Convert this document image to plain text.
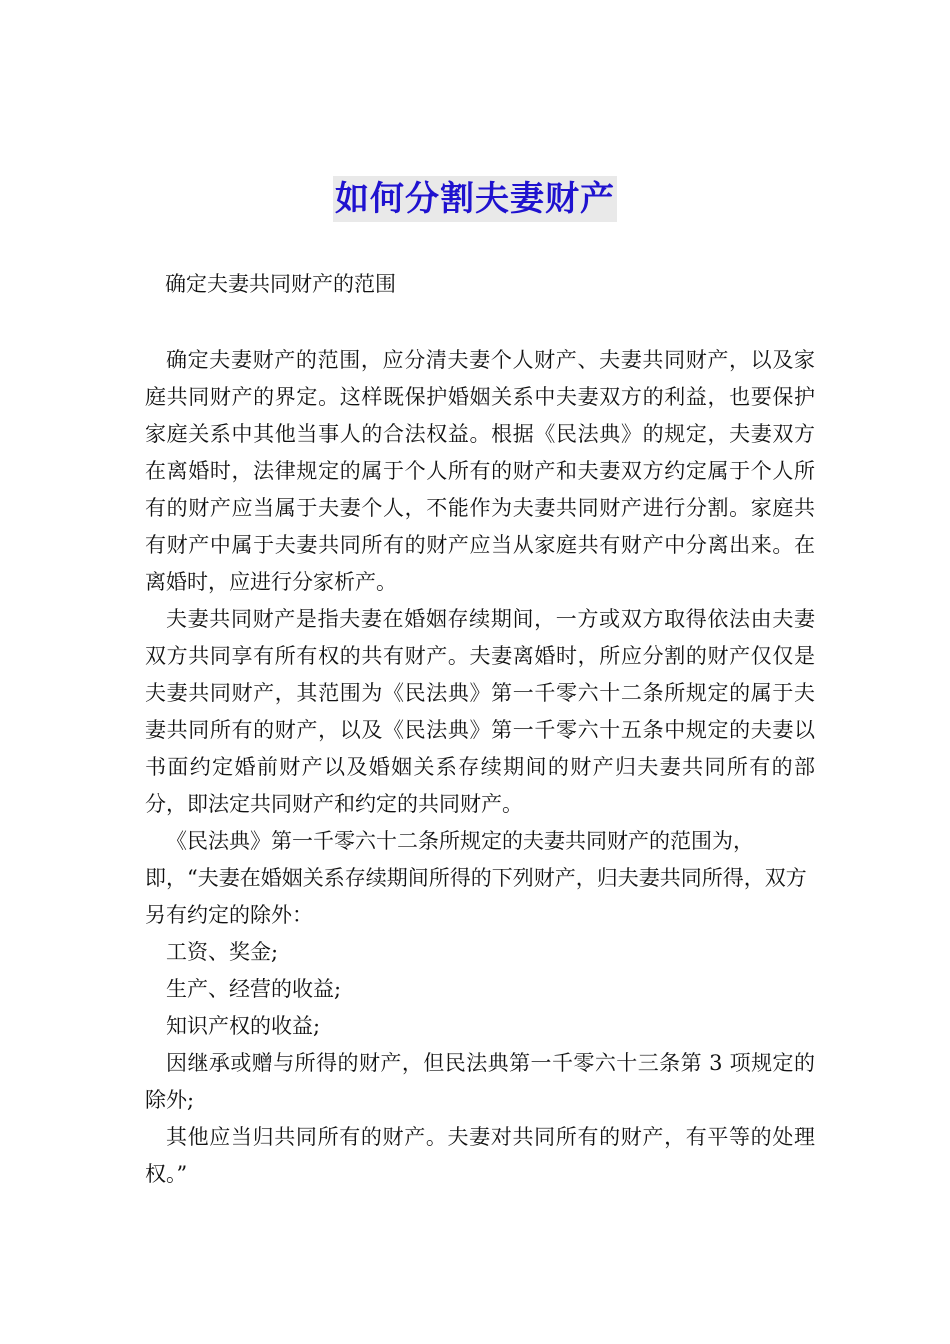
如何分割夫妻财产

确定夫妻共同财产的范围

确定夫妻财产的范围，应分清夫妻个人财产、夫妻共同财产，以及家庭共同财产的界定。这样既保护婚姻关系中夫妻双方的利益，也要保护家庭关系中其他当事人的合法权益。根据《民法典》的规定，夫妻双方在离婚时，法律规定的属于个人所有的财产和夫妻双方约定属于个人所有的财产应当属于夫妻个人，不能作为夫妻共同财产进行分割。家庭共有财产中属于夫妻共同所有的财产应当从家庭共有财产中分离出来。在离婚时，应进行分家析产。

夫妻共同财产是指夫妻在婚姻存续期间，一方或双方取得依法由夫妻双方共同享有所有权的共有财产。夫妻离婚时，所应分割的财产仅仅是夫妻共同财产，其范围为《民法典》第一千零六十二条所规定的属于夫妻共同所有的财产，以及《民法典》第一千零六十五条中规定的夫妻以书面约定婚前财产以及婚姻关系存续期间的财产归夫妻共同所有的部分，即法定共同财产和约定的共同财产。

《民法典》第一千零六十二条所规定的夫妻共同财产的范围为，即，“夫妻在婚姻关系存续期间所得的下列财产，归夫妻共同所得，双方另有约定的除外：

工资、奖金;

生产、经营的收益;

知识产权的收益;

因继承或赠与所得的财产，但民法典第一千零六十三条第 3 项规定的除外;

其他应当归共同所有的财产。夫妻对共同所有的财产，有平等的处理权。”
